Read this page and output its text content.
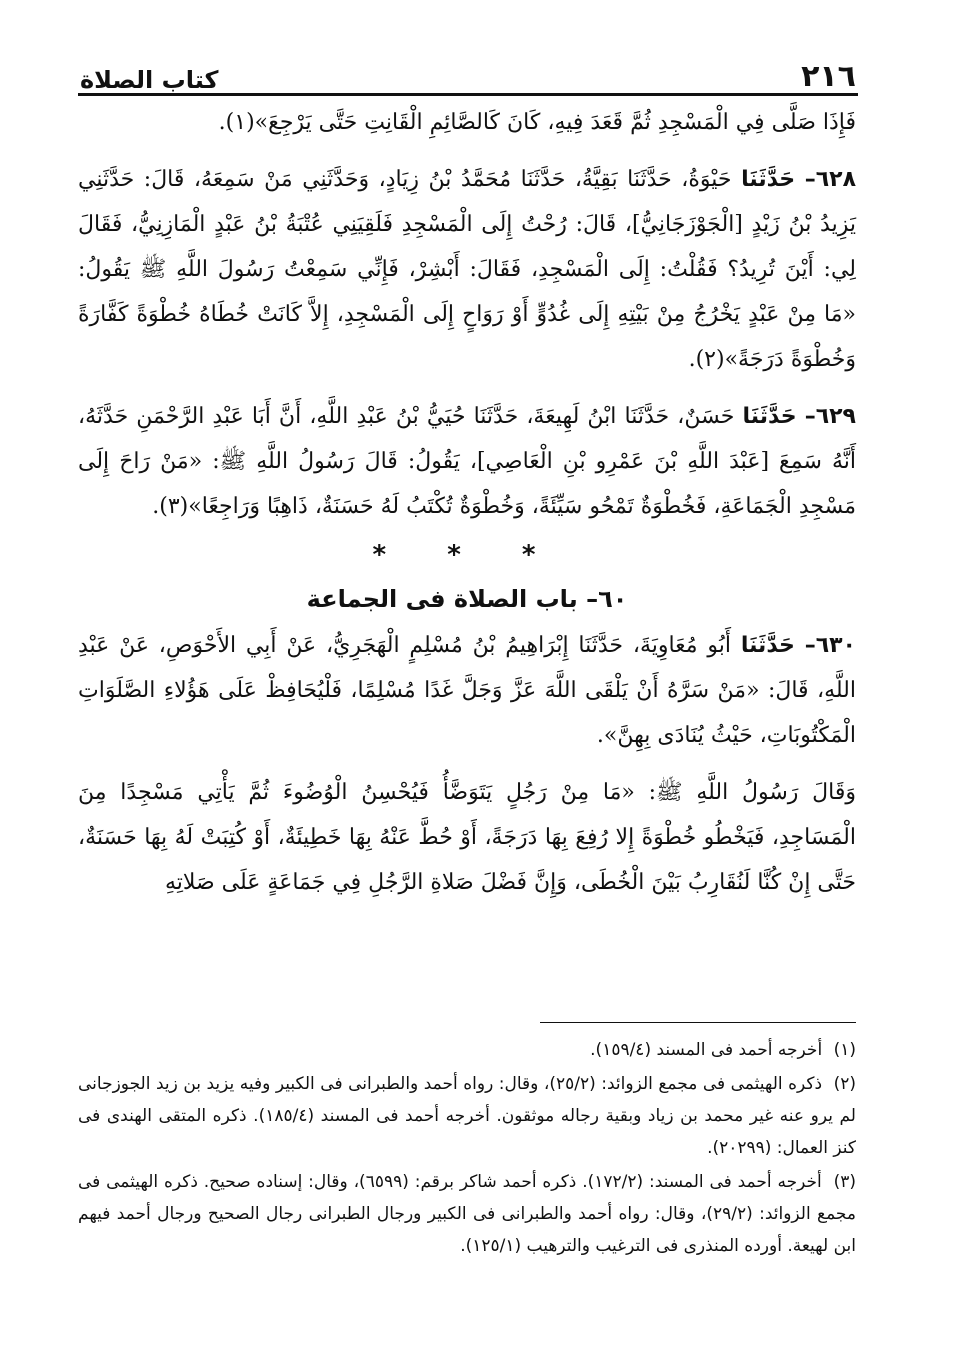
٢١٦
كتاب الصلاة

فَإِذَا صَلَّى فِي الْمَسْجِدِ ثُمَّ قَعَدَ فِيهِ، كَانَ كَالصَّائِمِ الْقَانِتِ حَتَّى يَرْجِعَ»(١).

٦٢٨– حَدَّثَنَا حَيْوَةُ، حَدَّثَنَا بَقِيَّةُ، حَدَّثَنَا مُحَمَّدُ بْنُ زِيَادٍ، وَحَدَّثَنِي مَنْ سَمِعَهُ، قَالَ: حَدَّثَنِي يَزِيدُ بْنُ زَيْدٍ [الْجَوْزَجَانِيُّ]، قَالَ: رُحْتُ إِلَى الْمَسْجِدِ فَلَقِيَنِي عُتْبَةُ بْنُ عَبْدٍ الْمَازِنِيُّ، فَقَالَ لِي: أَيْنَ تُرِيدُ؟ فَقُلْتُ: إِلَى الْمَسْجِدِ، فَقَالَ: أَبْشِرْ، فَإِنِّي سَمِعْتُ رَسُولَ اللَّهِ ﷺ يَقُولُ: «مَا مِنْ عَبْدٍ يَخْرُجُ مِنْ بَيْتِهِ إِلَى غُدُوٍّ أَوْ رَوَاحٍ إِلَى الْمَسْجِدِ، إِلاَّ كَانَتْ خُطَاهُ خُطْوَةً كَفَّارَةً وَخُطْوَةً دَرَجَةً»(٢).

٦٢٩– حَدَّثَنَا حَسَنٌ، حَدَّثَنَا ابْنُ لَهِيعَةَ، حَدَّثَنَا حُيَيُّ بْنُ عَبْدِ اللَّهِ، أَنَّ أَبَا عَبْدِ الرَّحْمَنِ حَدَّثَهُ، أَنَّهُ سَمِعَ [عَبْدَ اللَّهِ بْنَ عَمْرِو بْنِ الْعَاصِي]، يَقُولُ: قَالَ رَسُولُ اللَّهِ ﷺ: «مَنْ رَاحَ إِلَى مَسْجِدِ الْجَمَاعَةِ، فَخُطْوَةٌ تَمْحُو سَيِّئَةً، وَخُطْوَةٌ تُكْتَبُ لَهُ حَسَنَةٌ، ذَاهِبًا وَرَاجِعًا»(٣).

* * *
٦٠– باب الصلاة فى الجماعة

٦٣٠– حَدَّثَنَا أَبُو مُعَاوِيَةَ، حَدَّثَنَا إِبْرَاهِيمُ بْنُ مُسْلِمٍ الْهَجَرِيُّ، عَنْ أَبِي الأَحْوَصِ، عَنْ عَبْدِ اللَّهِ، قَالَ: «مَنْ سَرَّهُ أَنْ يَلْقَى اللَّهَ عَزَّ وَجَلَّ غَدًا مُسْلِمًا، فَلْيُحَافِظْ عَلَى هَؤُلاءِ الصَّلَوَاتِ الْمَكْتُوبَاتِ، حَيْثُ يُنَادَى بِهِنَّ».

وَقَالَ رَسُولُ اللَّهِ ﷺ: «مَا مِنْ رَجُلٍ يَتَوَضَّأُ فَيُحْسِنُ الْوُضُوءَ ثُمَّ يَأْتِي مَسْجِدًا مِنَ الْمَسَاجِدِ، فَيَخْطُو خُطْوَةً إِلا رُفِعَ بِهَا دَرَجَةً، أَوْ حُطَّ عَنْهُ بِهَا خَطِيئَةٌ، أَوْ كُتِبَتْ لَهُ بِهَا حَسَنَةٌ، حَتَّى إِنْ كُنَّا لَنُقَارِبُ بَيْنَ الْخُطَى، وَإِنَّ فَضْلَ صَلاةِ الرَّجُلِ فِي جَمَاعَةٍ عَلَى صَلاتِهِ

(١) أخرجه أحمد فى المسند (١٥٩/٤).

(٢) ذكره الهيثمى فى مجمع الزوائد: (٢٥/٢)، وقال: رواه أحمد والطبرانى فى الكبير وفيه يزيد بن زيد الجوزجانى لم يرو عنه غير محمد بن زياد وبقية رجاله موثقون. أخرجه أحمد فى المسند (١٨٥/٤). ذكره المتقى الهندى فى كنز العمال: (٢٠٢٩٩).

(٣) أخرجه أحمد فى المسند: (١٧٢/٢). ذكره أحمد شاكر برقم: (٦٥٩٩)، وقال: إسناده صحيح. ذكره الهيثمى فى مجمع الزوائد: (٢٩/٢)، وقال: رواه أحمد والطبرانى فى الكبير ورجال الطبرانى رجال الصحيح ورجال أحمد فيهم ابن لهيعة. أورده المنذرى فى الترغيب والترهيب (١٢٥/١).
